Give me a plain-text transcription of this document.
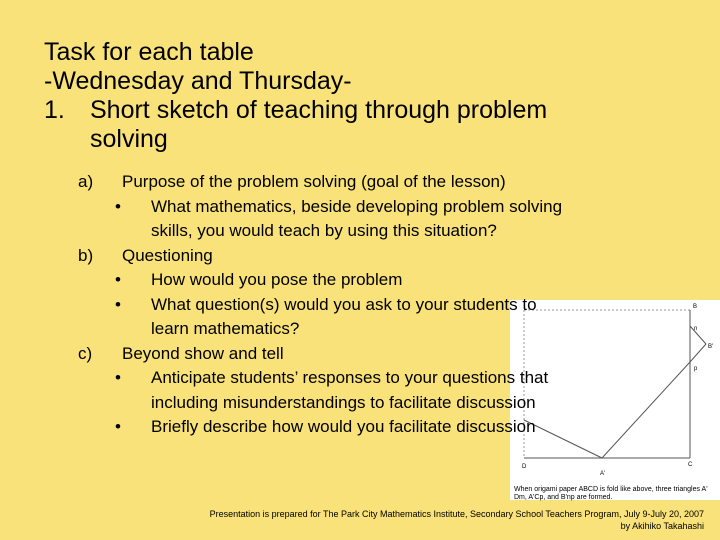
Task for each table
-Wednesday and Thursday-
1. Short sketch of teaching through problem
solving
B
n
B'
p
D
A'
C
When origami paper ABCD is fold like above, three triangles A' Dm, A'Cp, and B'np are formed.
a)	Purpose of the problem solving (goal of the lesson)
•	What mathematics, beside developing problem solving
skills, you would teach by using this situation?
b)	Questioning
•	How would you pose the problem
•	What question(s) would you ask to your students to
learn mathematics?
c)	Beyond show and tell
•	Anticipate students’ responses to your questions that
including misunderstandings to facilitate discussion
•	Briefly describe how would you facilitate discussion
Presentation is prepared for The Park City Mathematics Institute, Secondary School Teachers Program, July 9-July 20, 2007
by Akihiko Takahashi
